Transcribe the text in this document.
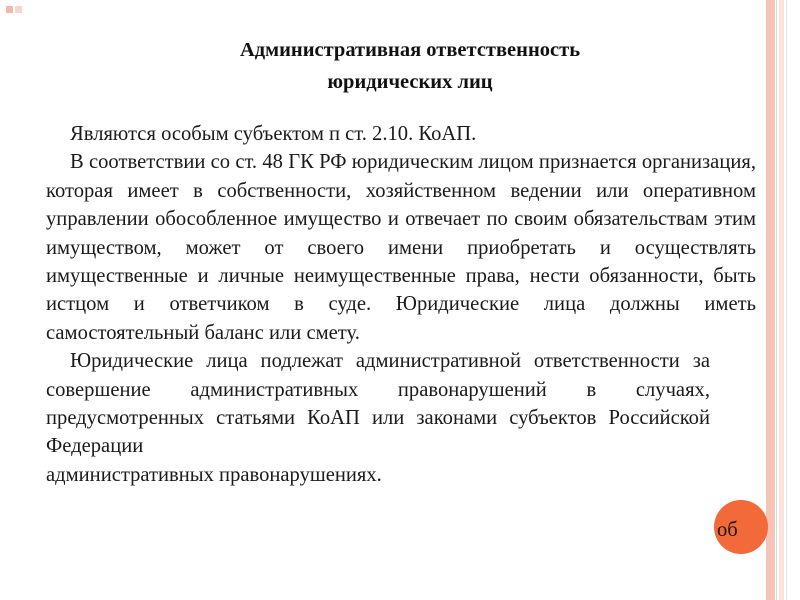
Административная ответственность
юридических лиц

Являются особым субъектом п ст. 2.10. КоАП.

В соответствии со ст. 48 ГК РФ юридическим лицом признается организация, которая имеет в собственности, хозяйственном ведении или оперативном управлении обособленное имущество и отвечает по своим обязательствам этим имуществом, может от своего имени приобретать и осуществлять имущественные и личные неимущественные права, нести обязанности, быть истцом и ответчиком в суде. Юридические лица должны иметь самостоятельный баланс или смету.

Юридические лица подлежат административной ответственности за совершение административных правонарушений в случаях, предусмотренных статьями КоАП или законами субъектов Российской Федерации

административных правонарушениях.

об
